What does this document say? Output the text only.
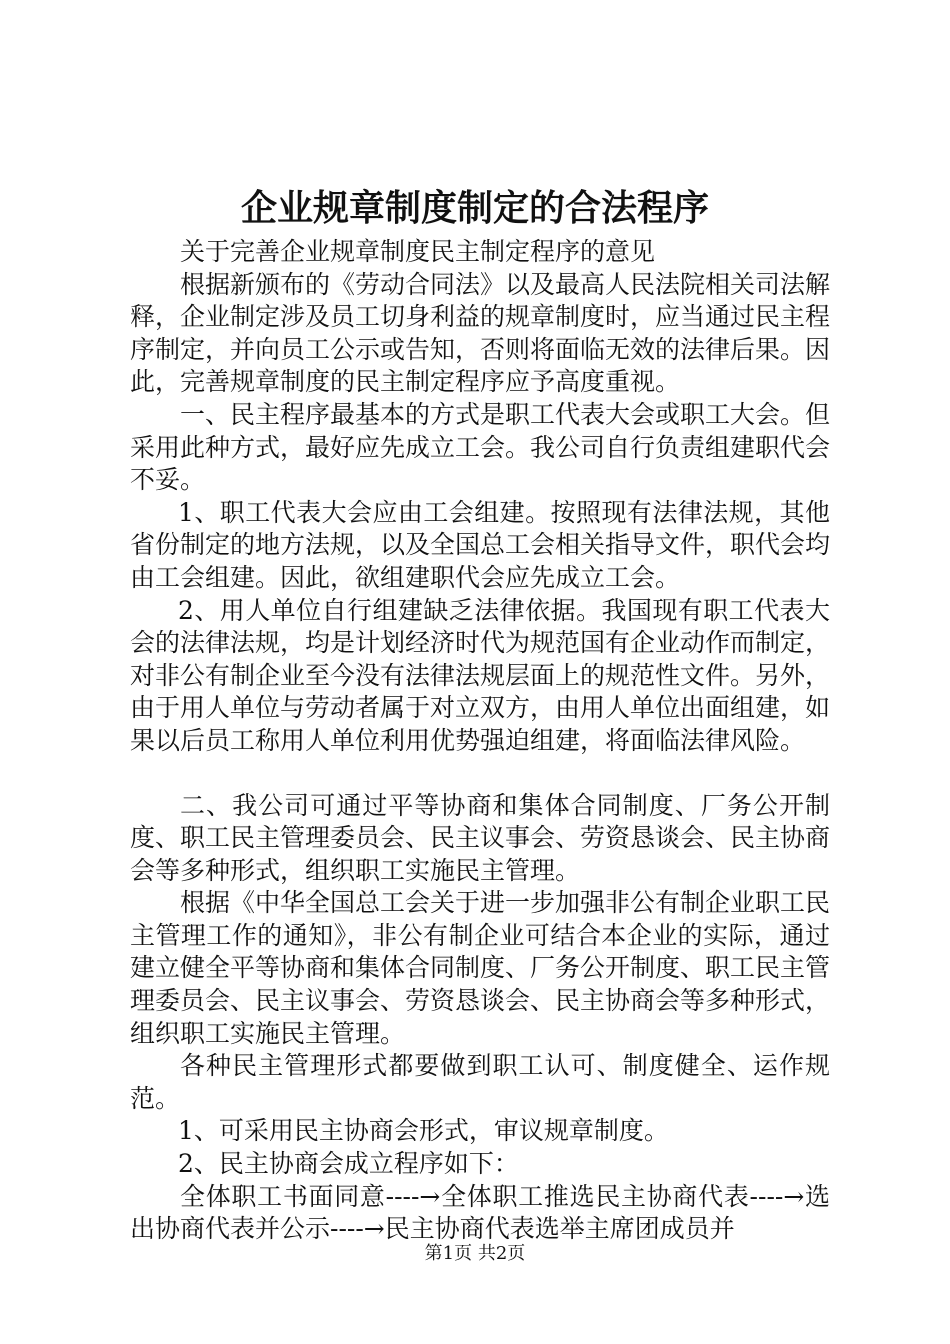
企业规章制度制定的合法程序

关于完善企业规章制度民主制定程序的意见

根据新颁布的《劳动合同法》以及最高人民法院相关司法解释，企业制定涉及员工切身利益的规章制度时，应当通过民主程序制定，并向员工公示或告知，否则将面临无效的法律后果。因此，完善规章制度的民主制定程序应予高度重视。

一、民主程序最基本的方式是职工代表大会或职工大会。但采用此种方式，最好应先成立工会。我公司自行负责组建职代会不妥。

1、职工代表大会应由工会组建。按照现有法律法规，其他省份制定的地方法规，以及全国总工会相关指导文件，职代会均由工会组建。因此，欲组建职代会应先成立工会。

2、用人单位自行组建缺乏法律依据。我国现有职工代表大会的法律法规，均是计划经济时代为规范国有企业动作而制定，对非公有制企业至今没有法律法规层面上的规范性文件。另外，由于用人单位与劳动者属于对立双方，由用人单位出面组建，如果以后员工称用人单位利用优势强迫组建，将面临法律风险。

二、我公司可通过平等协商和集体合同制度、厂务公开制度、职工民主管理委员会、民主议事会、劳资恳谈会、民主协商会等多种形式，组织职工实施民主管理。

根据《中华全国总工会关于进一步加强非公有制企业职工民主管理工作的通知》，非公有制企业可结合本企业的实际，通过建立健全平等协商和集体合同制度、厂务公开制度、职工民主管理委员会、民主议事会、劳资恳谈会、民主协商会等多种形式，组织职工实施民主管理。

各种民主管理形式都要做到职工认可、制度健全、运作规范。

1、可采用民主协商会形式，审议规章制度。

2、民主协商会成立程序如下：

全体职工书面同意----→全体职工推选民主协商代表----→选出协商代表并公示----→民主协商代表选举主席团成员并

第1页 共2页
